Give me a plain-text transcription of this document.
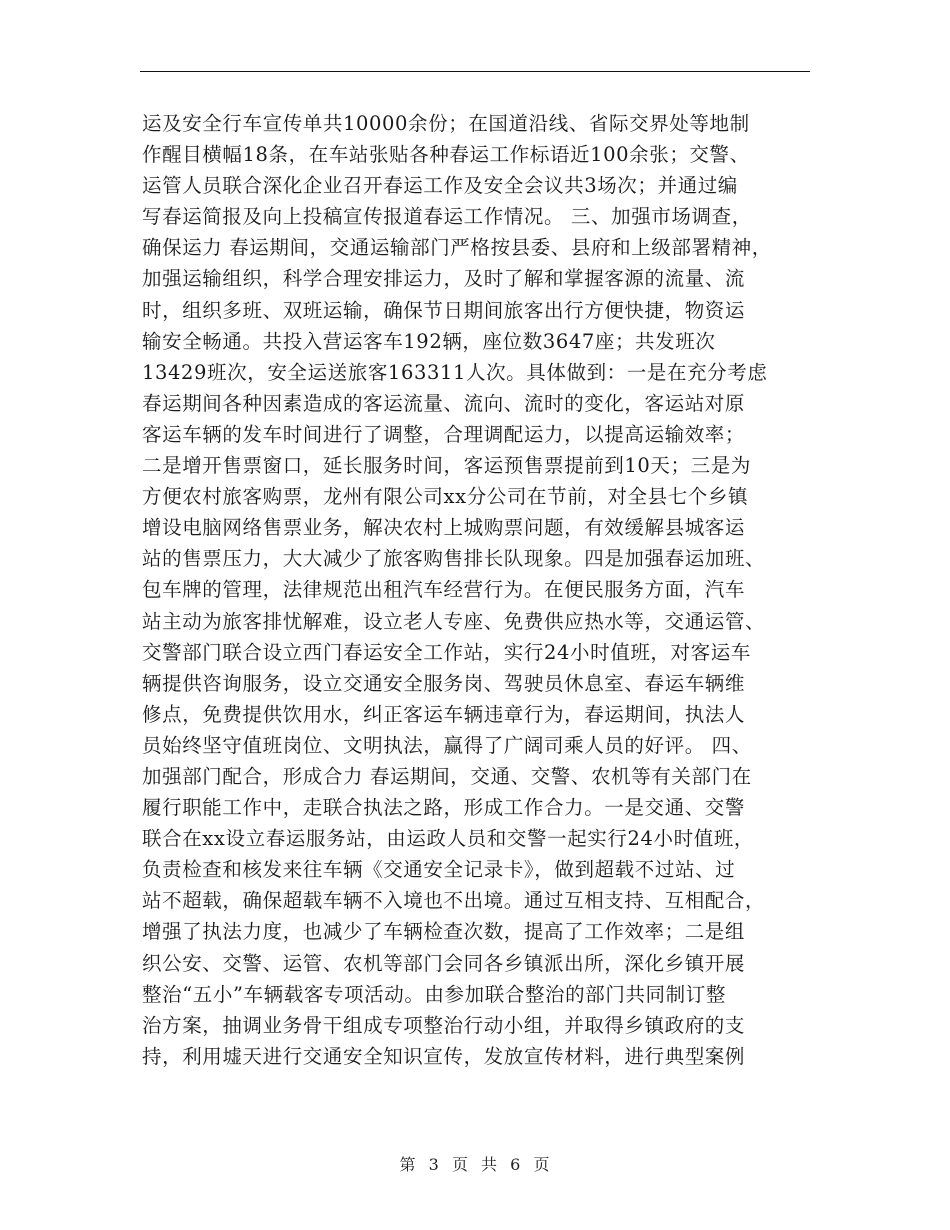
运及安全行车宣传单共10000余份；在国道沿线、省际交界处等地制
作醒目横幅18条，在车站张贴各种春运工作标语近100余张；交警、
运管人员联合深化企业召开春运工作及安全会议共3场次；并通过编
写春运简报及向上投稿宣传报道春运工作情况。 三、加强市场调查，
确保运力 春运期间，交通运输部门严格按县委、县府和上级部署精神，
加强运输组织，科学合理安排运力，及时了解和掌握客源的流量、流
时，组织多班、双班运输，确保节日期间旅客出行方便快捷，物资运
输安全畅通。共投入营运客车192辆，座位数3647座；共发班次
13429班次，安全运送旅客163311人次。具体做到：一是在充分考虑
春运期间各种因素造成的客运流量、流向、流时的变化，客运站对原
客运车辆的发车时间进行了调整，合理调配运力，以提高运输效率；
二是增开售票窗口，延长服务时间，客运预售票提前到10天；三是为
方便农村旅客购票，龙州有限公司xx分公司在节前，对全县七个乡镇
增设电脑网络售票业务，解决农村上城购票问题，有效缓解县城客运
站的售票压力，大大减少了旅客购售排长队现象。四是加强春运加班、
包车牌的管理，法律规范出租汽车经营行为。在便民服务方面，汽车
站主动为旅客排忧解难，设立老人专座、免费供应热水等，交通运管、
交警部门联合设立西门春运安全工作站，实行24小时值班，对客运车
辆提供咨询服务，设立交通安全服务岗、驾驶员休息室、春运车辆维
修点，免费提供饮用水，纠正客运车辆违章行为，春运期间，执法人
员始终坚守值班岗位、文明执法，赢得了广阔司乘人员的好评。 四、
加强部门配合，形成合力 春运期间，交通、交警、农机等有关部门在
履行职能工作中，走联合执法之路，形成工作合力。一是交通、交警
联合在xx设立春运服务站，由运政人员和交警一起实行24小时值班，
负责检查和核发来往车辆《交通安全记录卡》，做到超载不过站、过
站不超载，确保超载车辆不入境也不出境。通过互相支持、互相配合，
增强了执法力度，也减少了车辆检查次数，提高了工作效率；二是组
织公安、交警、运管、农机等部门会同各乡镇派出所，深化乡镇开展
整治“五小”车辆载客专项活动。由参加联合整治的部门共同制订整
治方案，抽调业务骨干组成专项整治行动小组，并取得乡镇政府的支
持，利用墟天进行交通安全知识宣传，发放宣传材料，进行典型案例
第 3 页 共 6 页
